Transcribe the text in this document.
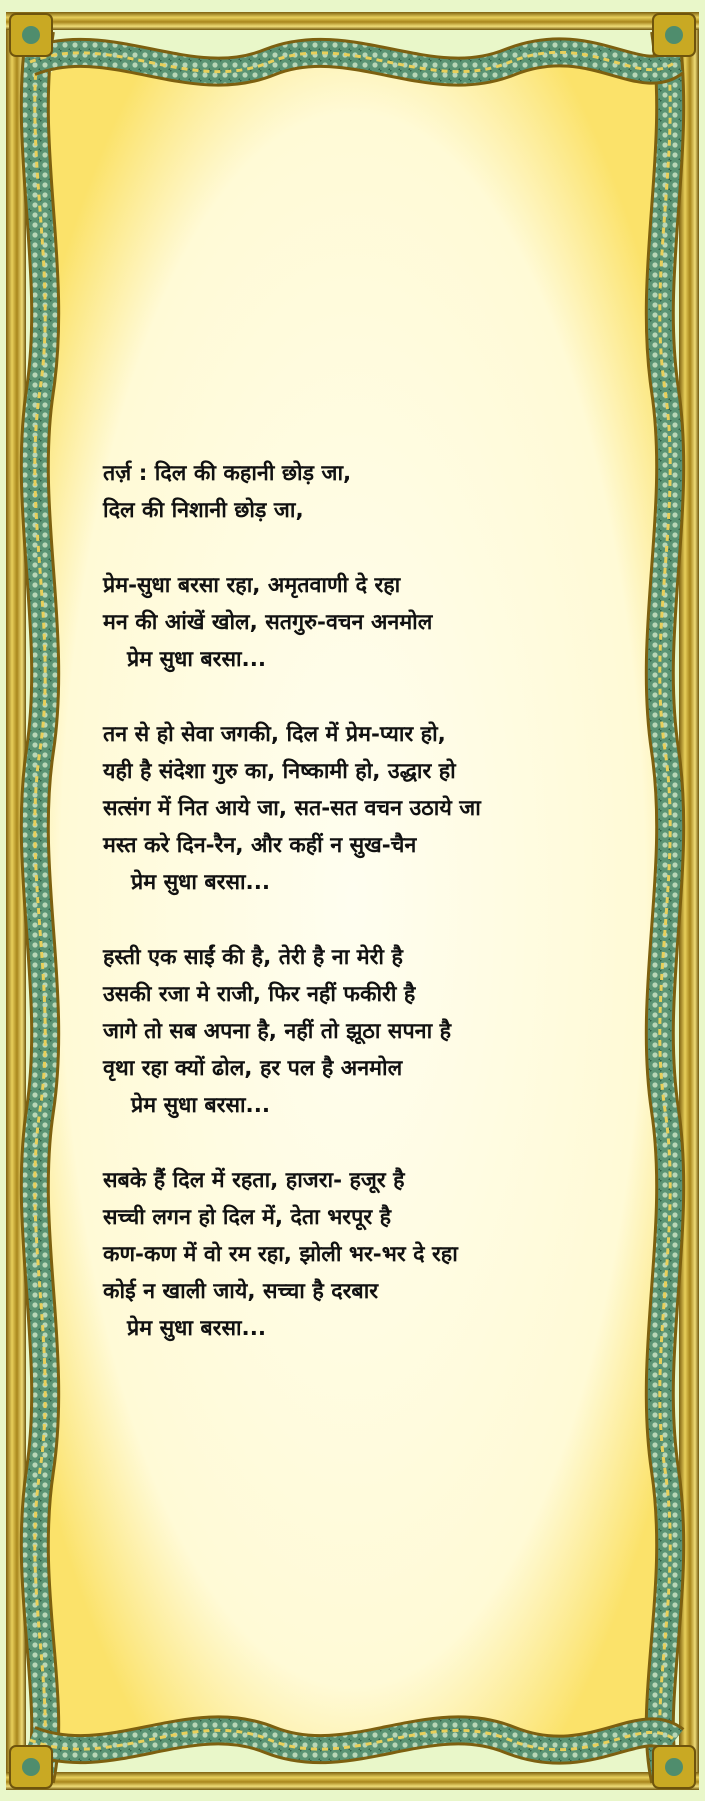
तर्ज़ : दिल की कहानी छोड़ जा,
दिल की निशानी छोड़ जा,
प्रेम-सुधा बरसा रहा, अमृतवाणी दे रहा
मन की आंखें खोल, सतगुरु-वचन अनमोल
प्रेम सुधा बरसा...
तन से हो सेवा जगकी, दिल में प्रेम-प्यार हो,
यही है संदेशा गुरु का, निष्कामी हो, उद्धार हो
सत्संग में नित आये जा, सत-सत वचन उठाये जा
मस्त करे दिन-रैन, और कहीं न सुख-चैन
प्रेम सुधा बरसा...
हस्ती एक साईं की है, तेरी है ना मेरी है
उसकी रजा मे राजी, फिर नहीं फकीरी है
जागे तो सब अपना है, नहीं तो झूठा सपना है
वृथा रहा क्यों ढोल, हर पल है अनमोल
प्रेम सुधा बरसा...
सबके हैं दिल में रहता, हाजरा- हजूर है
सच्ची लगन हो दिल में, देता भरपूर है
कण-कण में वो रम रहा, झोली भर-भर दे रहा
कोई न खाली जाये, सच्चा है दरबार
प्रेम सुधा बरसा...
